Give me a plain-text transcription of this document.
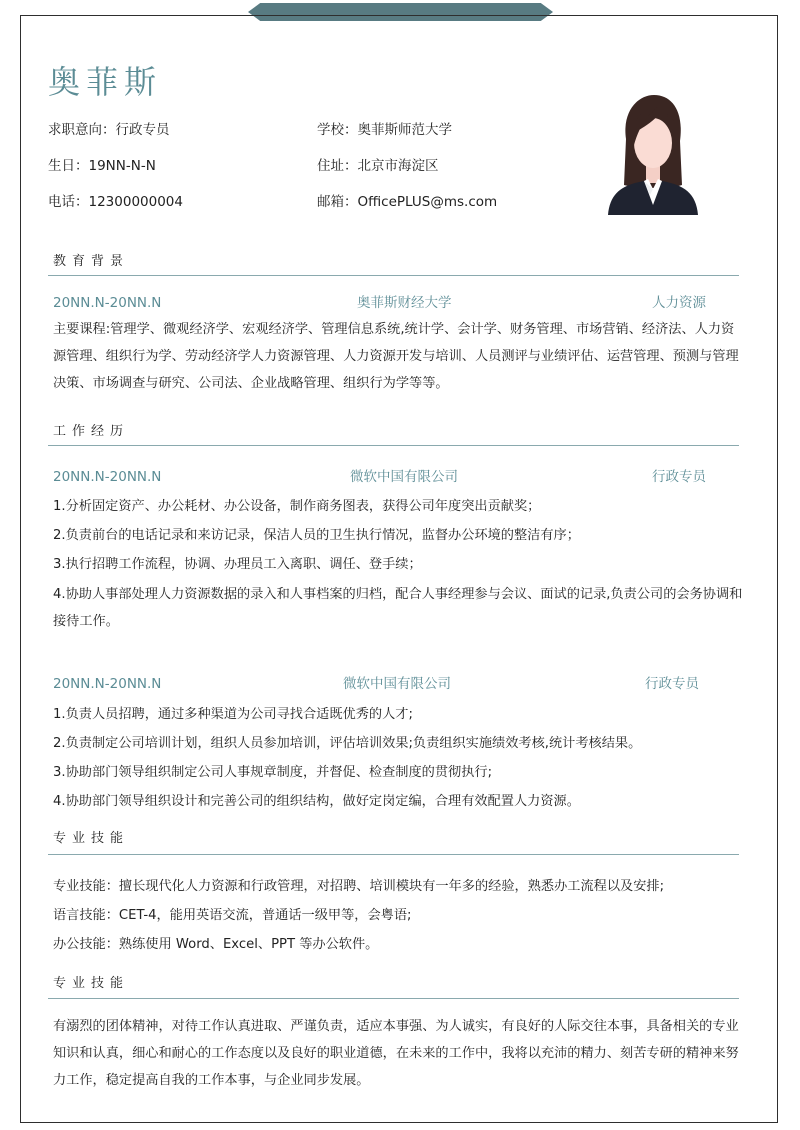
奥菲斯
求职意向：行政专员
生日：19NN-N-N
电话：12300000004
学校：奥菲斯师范大学
住址：北京市海淀区
邮箱：OfficePLUS@ms.com
教育背景
20NN.N-20NN.N	奥菲斯财经大学	人力资源
主要课程:管理学、微观经济学、宏观经济学、管理信息系统,统计学、会计学、财务管理、市场营销、经济法、人力资源管理、组织行为学、劳动经济学人力资源管理、人力资源开发与培训、人员测评与业绩评估、运营管理、预测与管理决策、市场调查与研究、公司法、企业战略管理、组织行为学等等。
工作经历
20NN.N-20NN.N	微软中国有限公司	行政专员
1.分析固定资产、办公耗材、办公设备，制作商务图表，获得公司年度突出贡献奖；
2.负责前台的电话记录和来访记录，保洁人员的卫生执行情况，监督办公环境的整洁有序；
3.执行招聘工作流程，协调、办理员工入离职、调任、登手续；
4.协助人事部处理人力资源数据的录入和人事档案的归档，配合人事经理参与会议、面试的记录,负责公司的会务协调和接待工作。
20NN.N-20NN.N	微软中国有限公司	行政专员
1.负责人员招聘，通过多种渠道为公司寻找合适既优秀的人才;
2.负责制定公司培训计划，组织人员参加培训，评估培训效果;负责组织实施绩效考核,统计考核结果。
3.协助部门领导组织制定公司人事规章制度，并督促、检查制度的贯彻执行;
4.协助部门领导组织设计和完善公司的组织结构，做好定岗定编，合理有效配置人力资源。
专业技能
专业技能：擅长现代化人力资源和行政管理，对招聘、培训模块有一年多的经验，熟悉办工流程以及安排;
语言技能：CET-4，能用英语交流，普通话一级甲等，会粤语;
办公技能：熟练使用 Word、Excel、PPT 等办公软件。
专业技能
有溺烈的团体精神，对待工作认真进取、严谨负责，适应本事强、为人诚实，有良好的人际交往本事，具备相关的专业知识和认真，细心和耐心的工作态度以及良好的职业道德，在未来的工作中，我将以充沛的精力、刻苦专研的精神来努力工作，稳定提高自我的工作本事，与企业同步发展。
